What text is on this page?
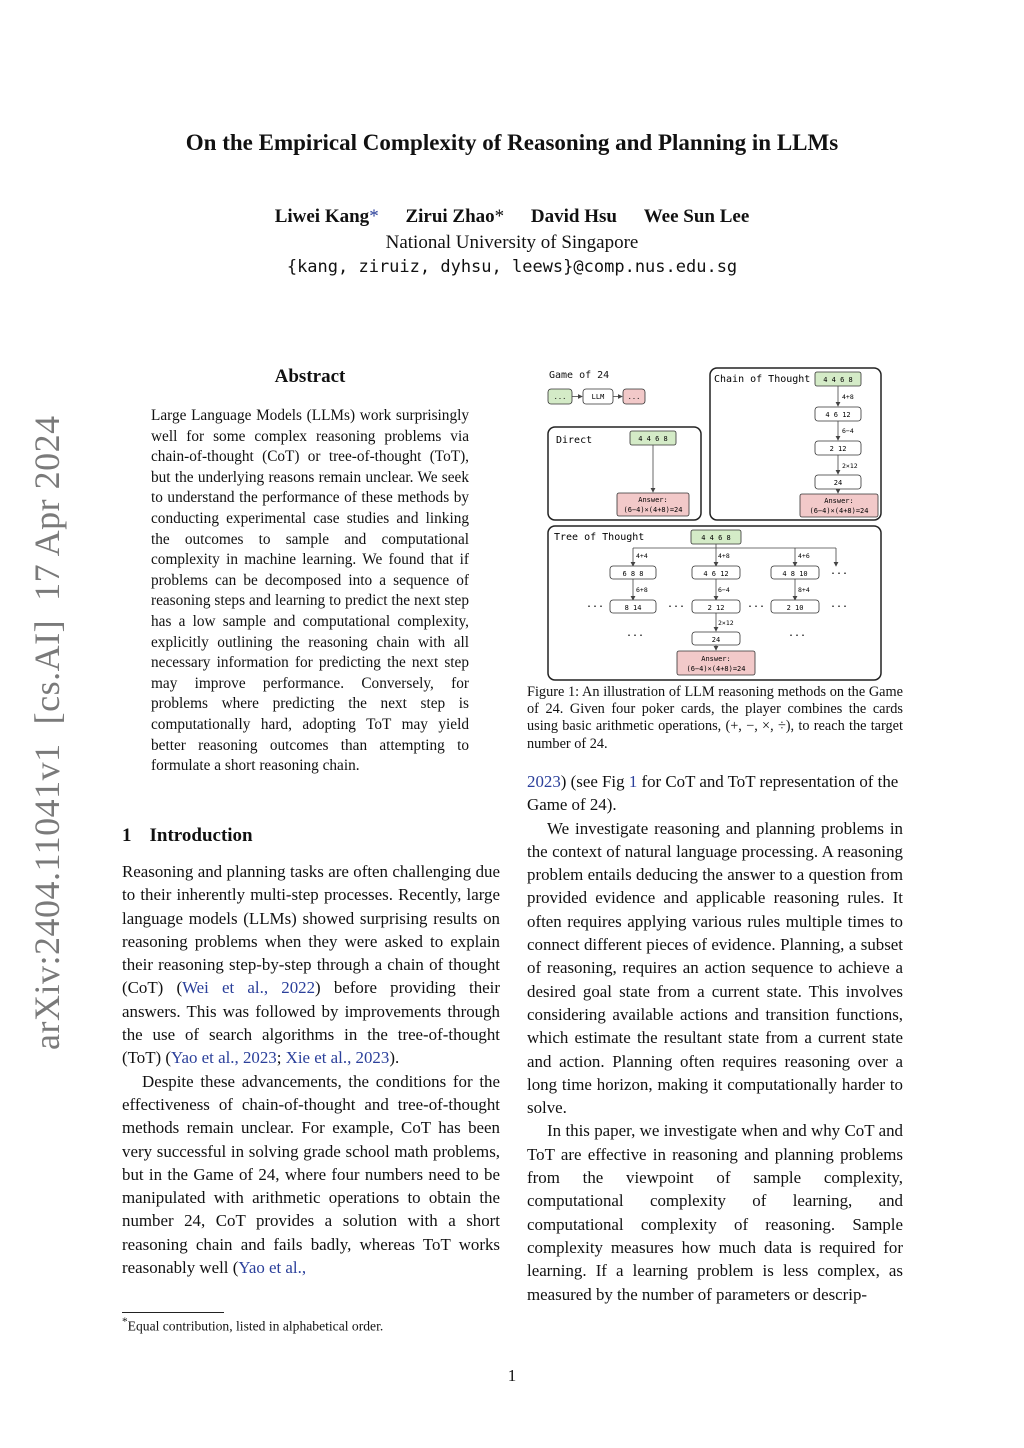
On the Empirical Complexity of Reasoning and Planning in LLMs
Liwei Kang* Zirui Zhao* David Hsu Wee Sun Lee
National University of Singapore
{kang, ziruiz, dyhsu, leews}@comp.nus.edu.sg
arXiv:2404.11041v1  [cs.AI]  17 Apr 2024
Abstract
Large Language Models (LLMs) work surprisingly well for some complex reasoning problems via chain-of-thought (CoT) or tree-of-thought (ToT), but the underlying reasons remain unclear. We seek to understand the performance of these methods by conducting experimental case studies and linking the outcomes to sample and computational complexity in machine learning. We found that if problems can be decomposed into a sequence of reasoning steps and learning to predict the next step has a low sample and computational complexity, explicitly outlining the reasoning chain with all necessary information for predicting the next step may improve performance. Conversely, for problems where predicting the next step is computationally hard, adopting ToT may yield better reasoning outcomes than attempting to formulate a short reasoning chain.
1 Introduction

Reasoning and planning tasks are often challenging due to their inherently multi-step processes. Recently, large language models (LLMs) showed surprising results on reasoning problems when they were asked to explain their reasoning step-by-step through a chain of thought (CoT) (Wei et al., 2022) before providing their answers. This was followed by improvements through the use of search algorithms in the tree-of-thought (ToT) (Yao et al., 2023; Xie et al., 2023).

Despite these advancements, the conditions for the effectiveness of chain-of-thought and tree-of-thought methods remain unclear. For example, CoT has been very successful in solving grade school math problems, but in the Game of 24, where four numbers need to be manipulated with arithmetic operations to obtain the number 24, CoT provides a solution with a short reasoning chain and fails badly, whereas ToT works reasonably well (Yao et al.,

*Equal contribution, listed in alphabetical order.

2023) (see Fig 1 for CoT and ToT representation of the Game of 24).

We investigate reasoning and planning problems in the context of natural language processing. A reasoning problem entails deducing the answer to a question from provided evidence and applicable reasoning rules. It often requires applying various rules multiple times to connect different pieces of evidence. Planning, a subset of reasoning, requires an action sequence to achieve a desired goal state from a current state. This involves considering available actions and transition functions, which estimate the resultant state from a current state and action. Planning often requires reasoning over a long time horizon, making it computationally harder to solve.

In this paper, we investigate when and why CoT and ToT are effective in reasoning and planning problems from the viewpoint of sample complexity, computational complexity of learning, and computational complexity of reasoning. Sample complexity measures how much data is required for learning. If a learning problem is less complex, as measured by the number of parameters or descrip-

Figure 1: An illustration of LLM reasoning methods on the Game of 24. Given four poker cards, the player combines the cards using basic arithmetic operations, (+, −, ×, ÷), to reach the target number of 24.
Game of 24
...	LLM	...
Direct	4 4 6 8
Answer:
(6−4)×(4+8)=24
Chain of Thought 4 4 6 8
4+8
4 6 12
6−4
2 12
2×12
24
Answer:
(6−4)×(4+8)=24
Tree of Thought	4 4 6 8
4+4	4+8	4+6
6 8 8	4 6 12	4 8 10 ...
6+8	6−4	8+4
...	8 14	...	2 12 ...	2 10	...
...
2×12
24
...
Answer:
(6−4)×(4+8)=24
1
